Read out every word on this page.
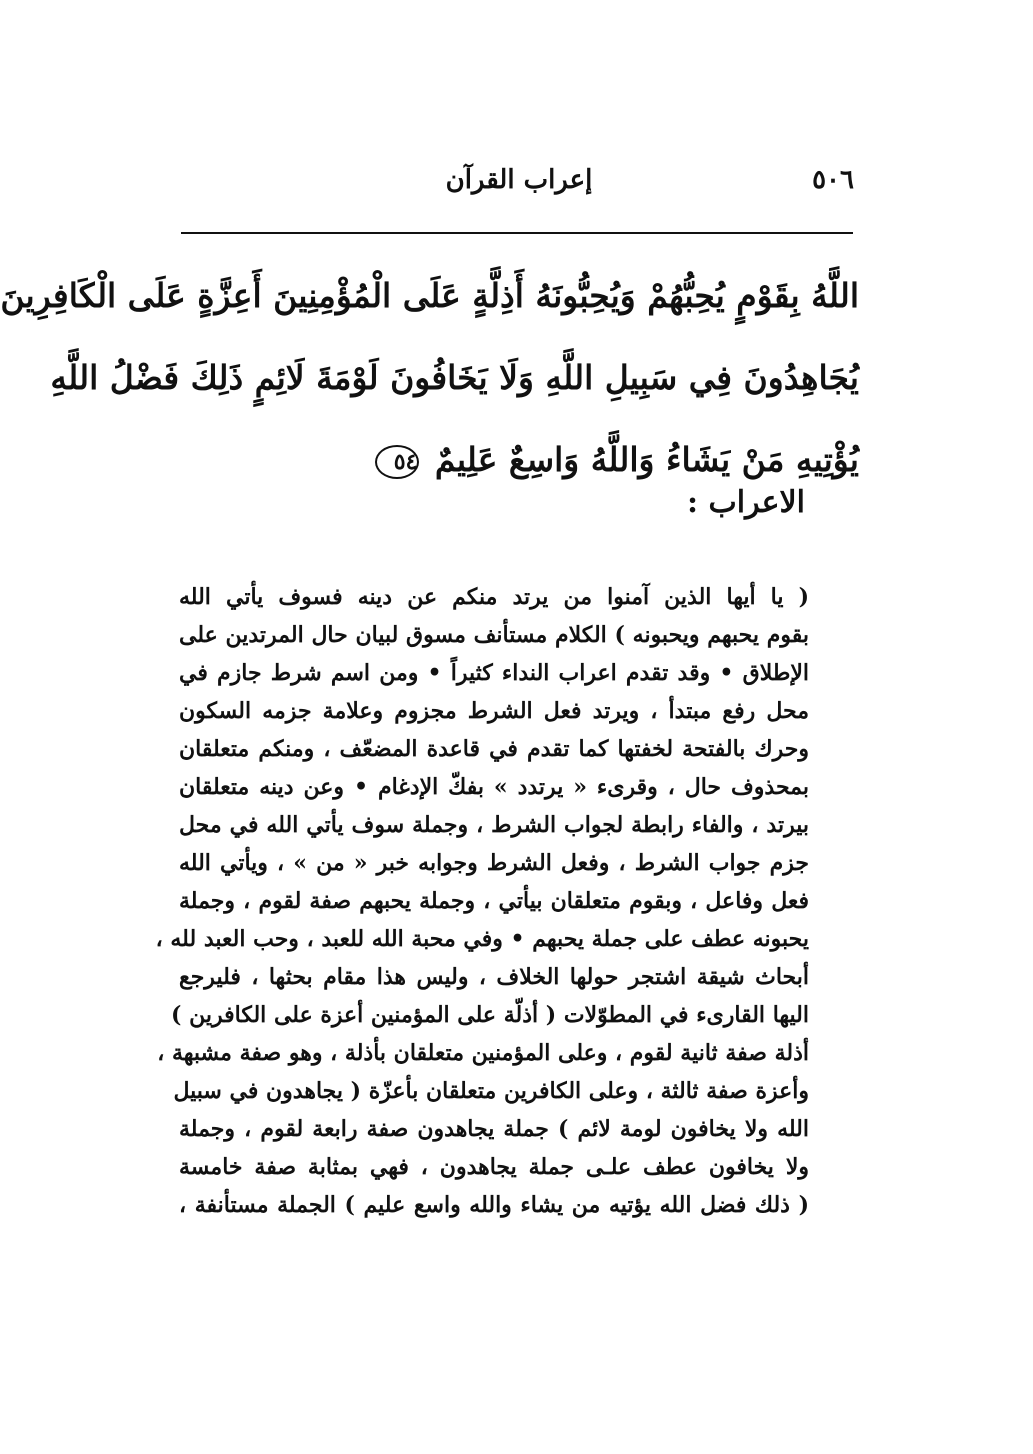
٥٠٦
إعراب القرآن
اللَّهُ بِقَوْمٍ يُحِبُّهُمْ وَيُحِبُّونَهُ أَذِلَّةٍ عَلَى الْمُؤْمِنِينَ أَعِزَّةٍ عَلَى الْكَافِرِينَ
يُجَاهِدُونَ فِي سَبِيلِ اللَّهِ وَلَا يَخَافُونَ لَوْمَةَ لَائِمٍ ذَلِكَ فَضْلُ اللَّهِ
يُؤْتِيهِ مَنْ يَشَاءُ وَاللَّهُ وَاسِعٌ عَلِيمٌ ٥٤
الاعراب :
( يا أيها الذين آمنوا من يرتد منكم عن دينه فسوف يأتي الله
بقوم يحبهم ويحبونه ) الكلام مستأنف مسوق لبيان حال المرتدين على
الإطلاق • وقد تقدم اعراب النداء كثيراً • ومن اسم شرط جازم في
محل رفع مبتدأ ، ويرتد فعل الشرط مجزوم وعلامة جزمه السكون
وحرك بالفتحة لخفتها كما تقدم في قاعدة المضعّف ، ومنكم متعلقان
بمحذوف حال ، وقرىء « يرتدد » بفكّ الإدغام • وعن دينه متعلقان
بيرتد ، والفاء رابطة لجواب الشرط ، وجملة سوف يأتي الله في محل
جزم جواب الشرط ، وفعل الشرط وجوابه خبر « من » ، ويأتي الله
فعل وفاعل ، وبقوم متعلقان بيأتي ، وجملة يحبهم صفة لقوم ، وجملة
يحبونه عطف على جملة يحبهم • وفي محبة الله للعبد ، وحب العبد لله ،
أبحاث شيقة اشتجر حولها الخلاف ، وليس هذا مقام بحثها ، فليرجع
اليها القارىء في المطوّلات ( أذلّة على المؤمنين أعزة على الكافرين )
أذلة صفة ثانية لقوم ، وعلى المؤمنين متعلقان بأذلة ، وهو صفة مشبهة ،
وأعزة صفة ثالثة ، وعلى الكافرين متعلقان بأعزّة ( يجاهدون في سبيل
الله ولا يخافون لومة لائم ) جملة يجاهدون صفة رابعة لقوم ، وجملة
ولا يخافون عطف علـى جملة يجاهدون ، فهي بمثابة صفة خامسة
( ذلك فضل الله يؤتيه من يشاء والله واسع عليم ) الجملة مستأنفة ،
